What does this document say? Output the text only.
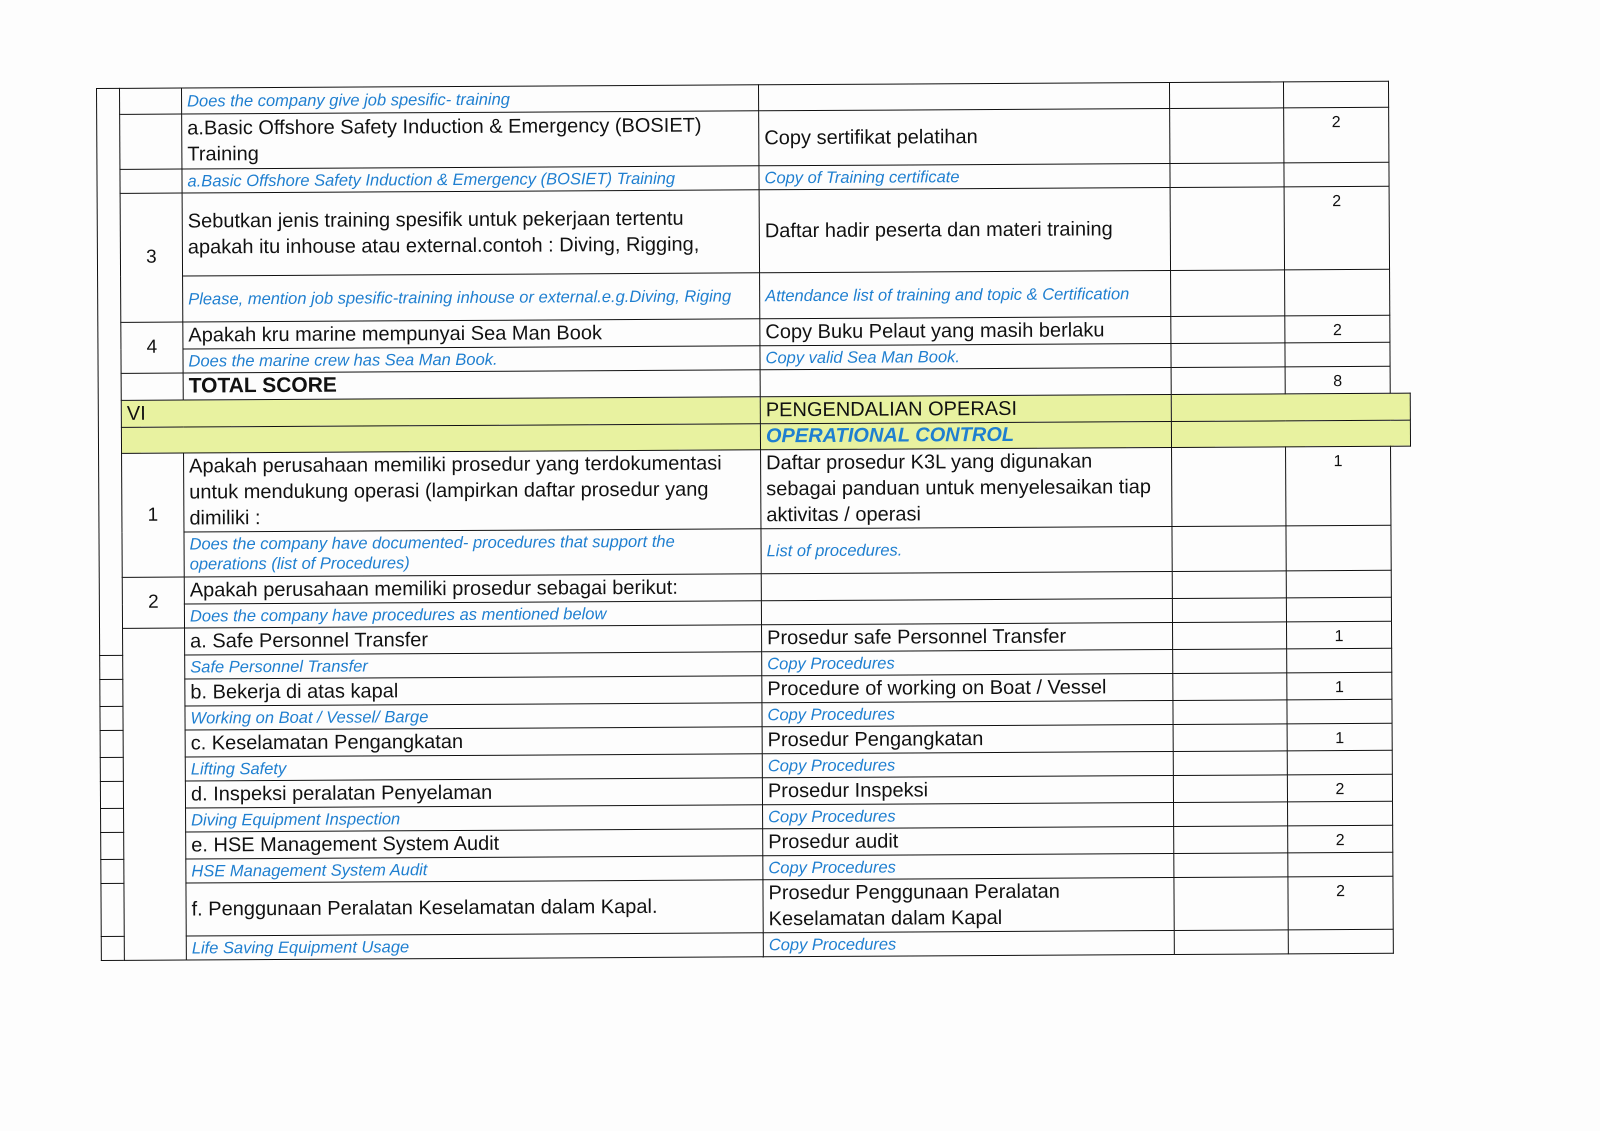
		Does the company give job spesific- training			
		a.Basic Offshore Safety Induction & Emergency (BOSIET) Training	Copy sertifikat pelatihan		2
		a.Basic Offshore Safety Induction & Emergency (BOSIET) Training	Copy of Training certificate		
	3	Sebutkan jenis training spesifik untuk pekerjaan tertentu apakah itu inhouse atau external.contoh : Diving, Rigging,	Daftar hadir peserta dan materi training		2
		Please, mention job spesific-training inhouse or external.e.g.Diving, Riging	Attendance list of training and topic & Certification		
	4	Apakah kru marine mempunyai Sea Man Book	Copy Buku Pelaut yang masih berlaku		2
		Does the marine crew has Sea Man Book.	Copy valid Sea Man Book.		
		TOTAL SCORE			8
	VI		PENGENDALIAN OPERASI		
			OPERATIONAL CONTROL		
	1	Apakah perusahaan memiliki prosedur yang terdokumentasi untuk mendukung operasi (lampirkan daftar prosedur yang dimiliki :	Daftar prosedur K3L yang digunakan sebagai panduan untuk menyelesaikan tiap aktivitas / operasi		1
		Does the company have documented- procedures that support the operations (list of Procedures)	List of procedures.		
	2	Apakah perusahaan memiliki prosedur sebagai berikut:			
		Does the company have procedures as mentioned below			
		a. Safe Personnel Transfer	Prosedur safe Personnel Transfer		1
		Safe Personnel Transfer	Copy Procedures		
		b. Bekerja di atas kapal	Procedure of working on Boat / Vessel		1
		Working on Boat / Vessel/ Barge	Copy Procedures		
		c. Keselamatan Pengangkatan	Prosedur Pengangkatan		1
		Lifting Safety	Copy Procedures		
		d. Inspeksi peralatan Penyelaman	Prosedur Inspeksi		2
		Diving Equipment Inspection	Copy Procedures		
		e. HSE Management System Audit	Prosedur audit		2
		HSE Management System Audit	Copy Procedures		
		f. Penggunaan Peralatan Keselamatan dalam Kapal.	Prosedur Penggunaan Peralatan Keselamatan dalam Kapal		2
		Life Saving Equipment Usage	Copy Procedures		
